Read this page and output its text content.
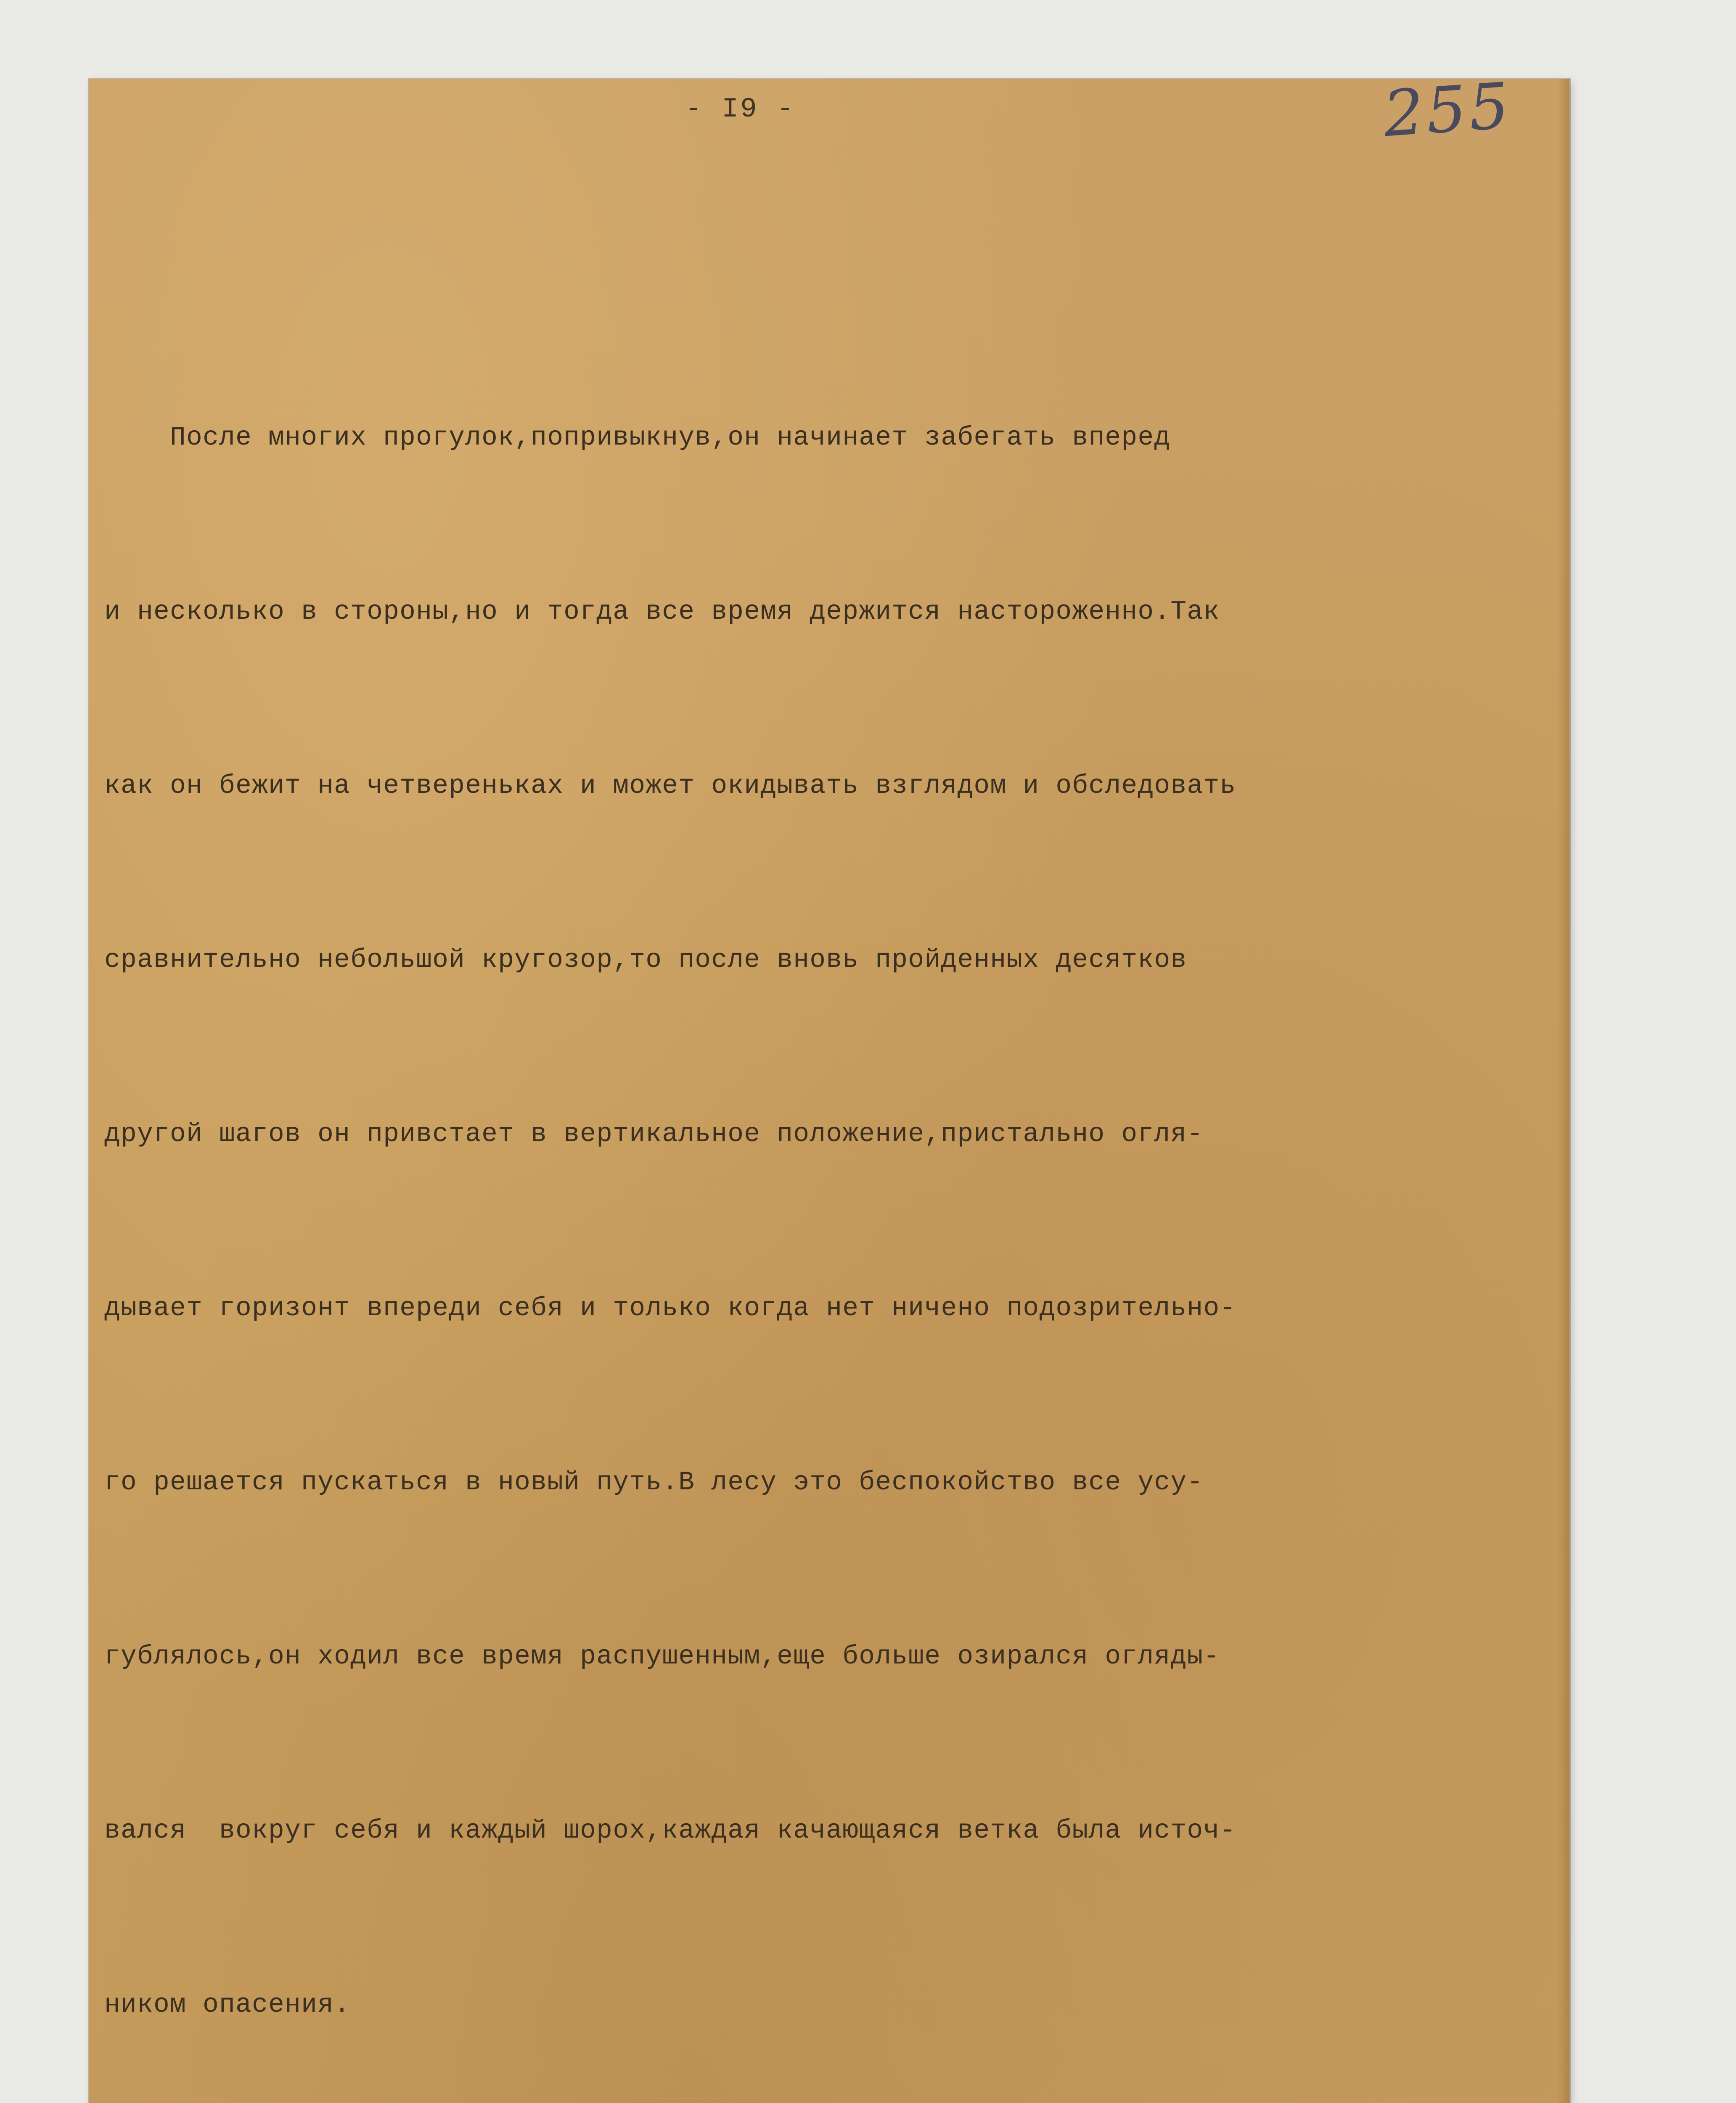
- I9 -	255

После многих прогулок,попривыкнув,он начинает забегать вперед

и несколько в стороны,но и тогда все время держится настороженно.Так

как он бежит на четвереньках и может окидывать взглядом и обследовать

сравнительно небольшой кругозор,то после вновь пройденных десятков

другой шагов он привстает в вертикальное положение,пристально огля-

дывает горизонт впереди себя и только когда нет ничено подозрительно-

го решается пускаться в новый путь.В лесу это беспокойство все усу-

гублялось,он ходил все время распушенным,еще больше озирался огляды-

вался  вокруг себя и каждый шорох,каждая качающаяся ветка была источ-

ником опасения.
